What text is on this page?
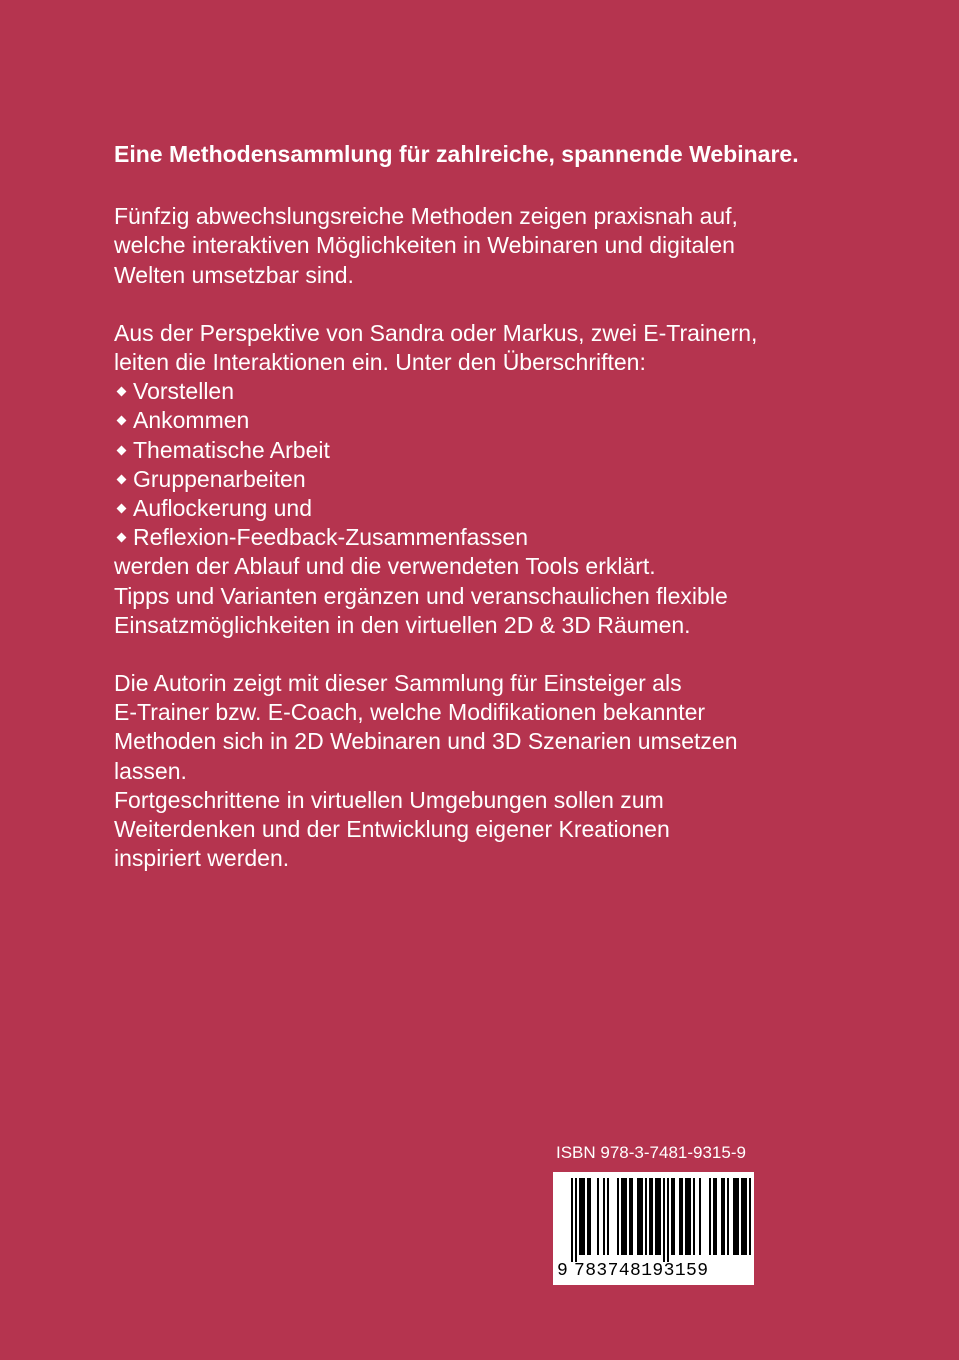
Eine Methodensammlung für zahlreiche, spannende Webinare.

Fünfzig abwechslungsreiche Methoden zeigen praxisnah auf,

welche interaktiven Möglichkeiten in Webinaren und digitalen

Welten umsetzbar sind.

Aus der Perspektive von Sandra oder Markus, zwei E-Trainern,

leiten die Interaktionen ein. Unter den Überschriften:

Vorstellen
Ankommen
Thematische Arbeit
Gruppenarbeiten
Auflockerung und
Reflexion-Feedback-Zusammenfassen

werden der Ablauf und die verwendeten Tools erklärt.

Tipps und Varianten ergänzen und veranschaulichen flexible

Einsatzmöglichkeiten in den virtuellen 2D & 3D Räumen.

Die Autorin zeigt mit dieser Sammlung für Einsteiger als

E-Trainer bzw. E-Coach, welche Modifikationen bekannter

Methoden sich in 2D Webinaren und 3D Szenarien umsetzen

lassen.

Fortgeschrittene in virtuellen Umgebungen sollen zum

Weiterdenken und der Entwicklung eigener Kreationen

inspiriert werden.

ISBN 978-3-7481-9315-9
9 783748193159
